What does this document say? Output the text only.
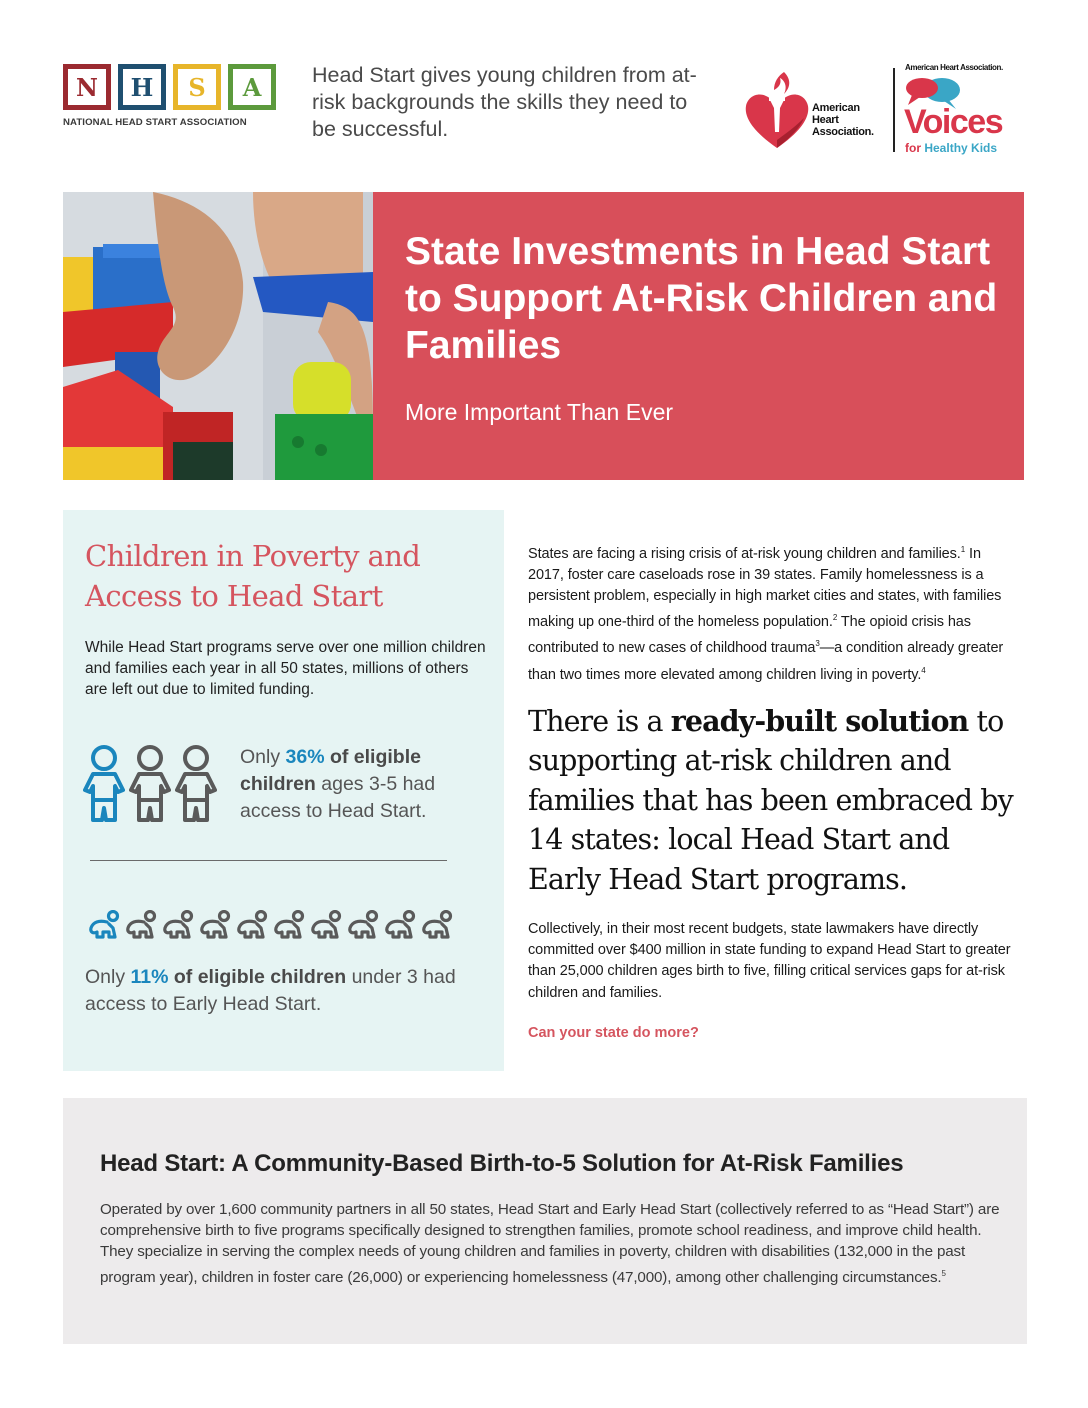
N	H	S	A
NATIONAL HEAD START ASSOCIATION
Head Start gives young children from at-risk backgrounds the skills they need to be successful.
American
Heart
Association.
American Heart Association.
Voices
for Healthy Kids
State Investments in Head Start to Support At-Risk Children and Families
More Important Than Ever
Children in Poverty and Access to Head Start

While Head Start programs serve over one million children and families each year in all 50 states, millions of others are left out due to limited funding.

Only 36% of eligible children ages 3-5 had access to Head Start.

Only 11% of eligible children under 3 had access to Early Head Start.

States are facing a rising crisis of at-risk young children and families.$^1$ In 2017, foster care caseloads rose in 39 states. Family homelessness is a persistent problem, especially in high market cities and states, with families making up one-third of the homeless population.$^2$ The opioid crisis has contributed to new cases of childhood trauma$^3$—a condition already greater than two times more elevated among children living in poverty.$^4$

There is a ready-built solution to supporting at-risk children and families that has been embraced by 14 states: local Head Start and Early Head Start programs.

Collectively, in their most recent budgets, state lawmakers have directly committed over $400 million in state funding to expand Head Start to greater than 25,000 children ages birth to five, filling critical services gaps for at-risk children and families.

Can your state do more?
Head Start: A Community-Based Birth-to-5 Solution for At-Risk Families

Operated by over 1,600 community partners in all 50 states, Head Start and Early Head Start (collectively referred to as “Head Start”) are comprehensive birth to five programs specifically designed to strengthen families, promote school readiness, and improve child health. They specialize in serving the complex needs of young children and families in poverty, children with disabilities (132,000 in the past program year), children in foster care (26,000) or experiencing homelessness (47,000), among other challenging circumstances.$^5$
